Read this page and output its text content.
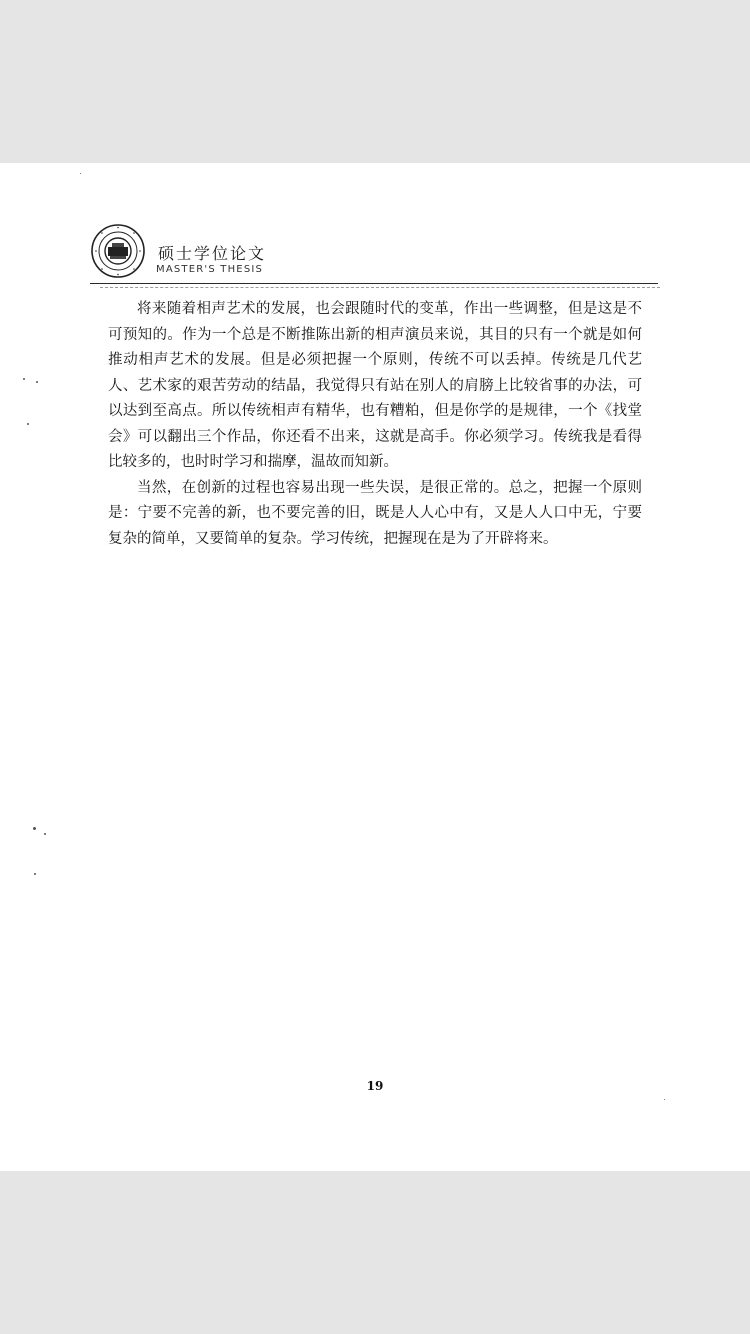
硕士学位论文
MASTER'S THESIS

将来随着相声艺术的发展，也会跟随时代的变革，作出一些调整，但是这是不可预知的。作为一个总是不断推陈出新的相声演员来说，其目的只有一个就是如何推动相声艺术的发展。但是必须把握一个原则，传统不可以丢掉。传统是几代艺人、艺术家的艰苦劳动的结晶，我觉得只有站在别人的肩膀上比较省事的办法，可以达到至高点。所以传统相声有精华，也有糟粕，但是你学的是规律，一个《找堂会》可以翻出三个作品，你还看不出来，这就是高手。你必须学习。传统我是看得比较多的，也时时学习和揣摩，温故而知新。

当然，在创新的过程也容易出现一些失误，是很正常的。总之，把握一个原则是：宁要不完善的新，也不要完善的旧，既是人人心中有，又是人人口中无，宁要复杂的简单，又要简单的复杂。学习传统，把握现在是为了开辟将来。

19
